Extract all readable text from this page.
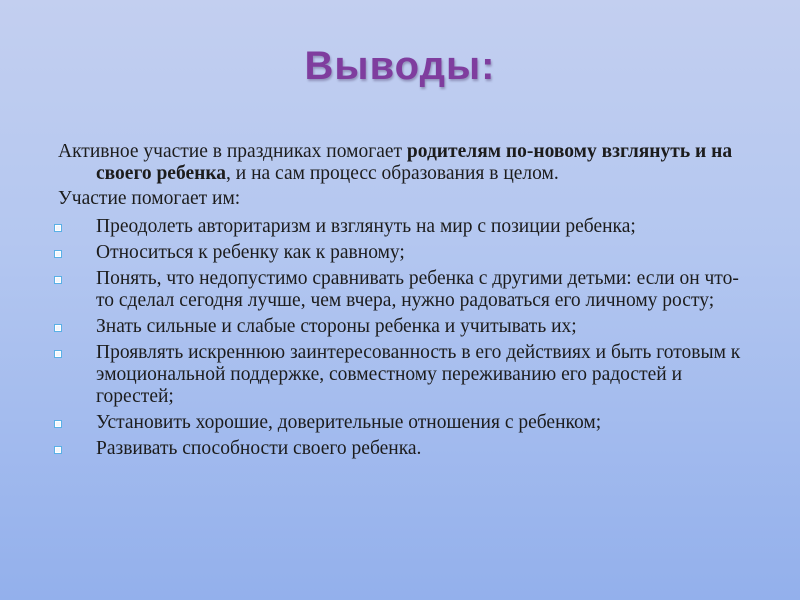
Выводы:

Активное участие в праздниках помогает родителям по-новому взглянуть и на своего ребенка, и на сам процесс образования в целом.

Участие помогает им:

Преодолеть авторитаризм и взглянуть на мир с позиции ребенка;
Относиться к ребенку как к равному;
Понять, что недопустимо сравнивать ребенка с другими детьми: если он что-то сделал сегодня лучше, чем вчера, нужно радоваться его личному росту;
Знать сильные и слабые стороны ребенка и учитывать их;
Проявлять искреннюю заинтересованность в его действиях и быть готовым к эмоциональной поддержке, совместному переживанию его радостей и горестей;
Установить хорошие, доверительные отношения с ребенком;
Развивать способности своего ребенка.
